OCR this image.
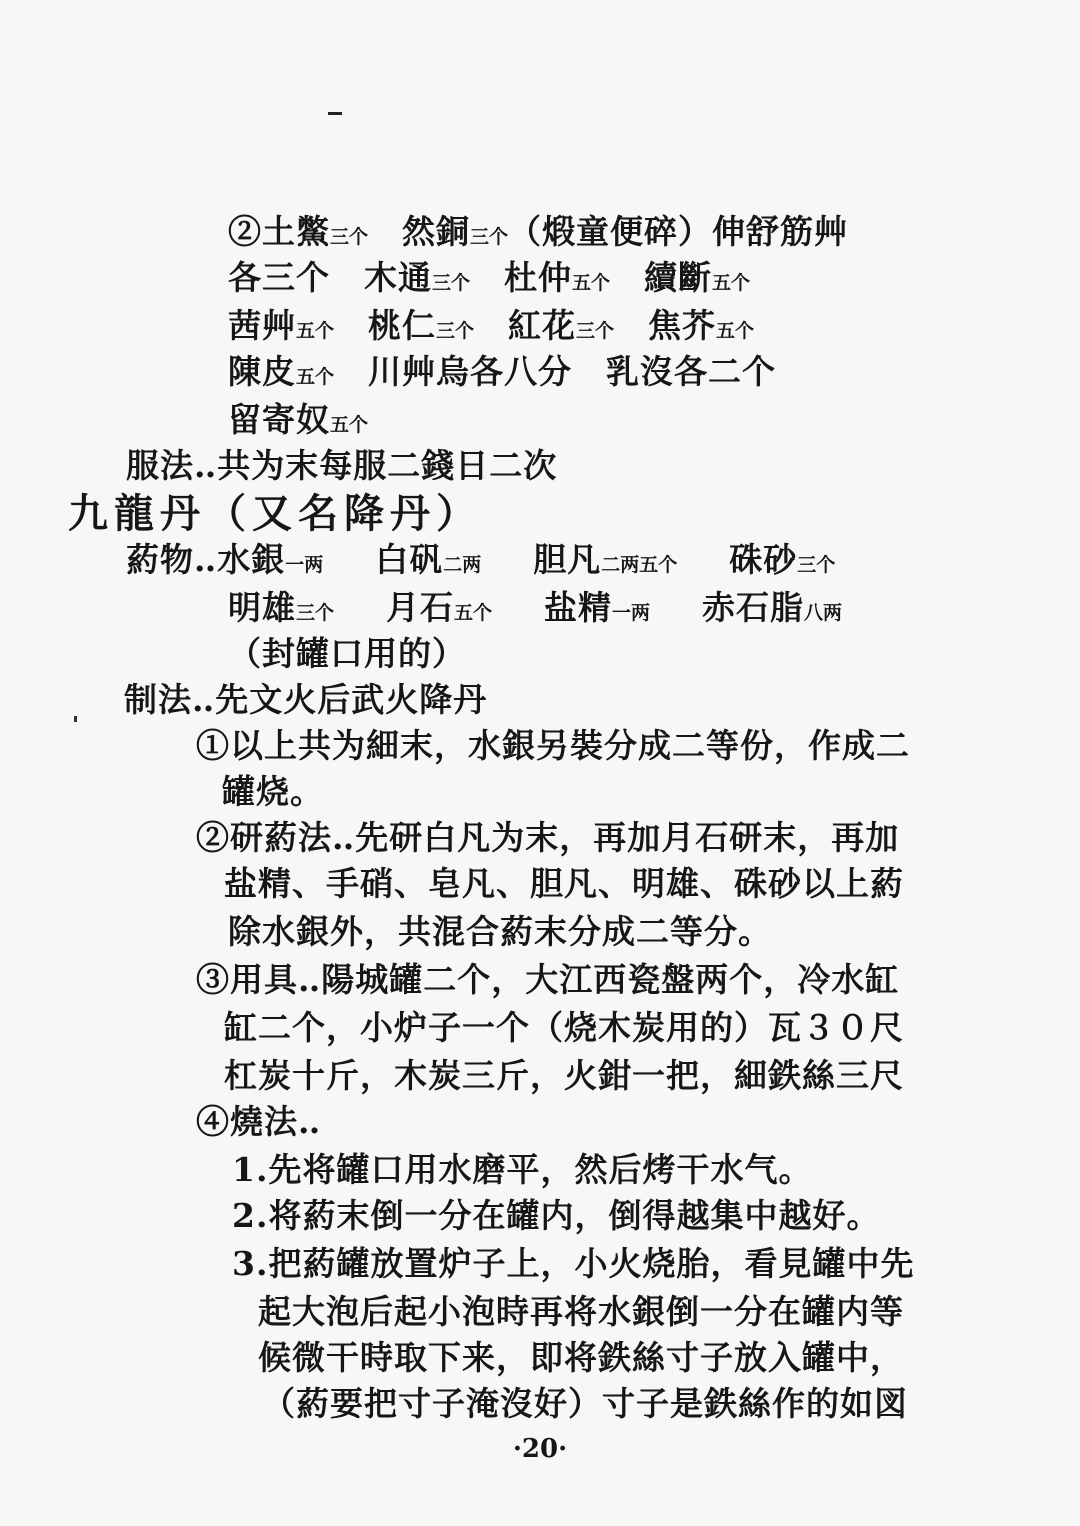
②土鱉三个 然銅三个（煅童便碎）伸舒筋艸
各三个 木通三个 杜仲五个 續斷五个
茜艸五个 桃仁三个 紅花三个 焦芥五个
陳皮五个 川艸烏各八分 乳沒各二个
留寄奴五个
服法‥共为末每服二錢日二次
九龍丹（又名降丹）
葯物‥水銀一两 白矾二两 胆凡二两五个 硃砂三个
明雄三个 月石五个 盐精一两 赤石脂八两
（封罐口用的）
制法‥先文火后武火降丹
①以上共为細末，水銀另裝分成二等份，作成二
罐烧。
②研葯法‥先研白凡为末，再加月石研末，再加
盐精、手硝、皂凡、胆凡、明雄、硃砂以上葯
除水銀外，共混合葯末分成二等分。
③用具‥陽城罐二个，大江西瓷盤两个，冷水缸
缸二个，小炉子一个（烧木炭用的）瓦３０尺
杠炭十斤，木炭三斤，火鉗一把，細鉄絲三尺
④燒法‥
1.先将罐口用水磨平，然后烤干水气。
2.将葯末倒一分在罐内，倒得越集中越好。
3.把葯罐放置炉子上，小火烧胎，看見罐中先
起大泡后起小泡時再将水銀倒一分在罐内等
候微干時取下来，即将鉄絲寸子放入罐中，
（葯要把寸子淹沒好）寸子是鉄絲作的如図
·20·
